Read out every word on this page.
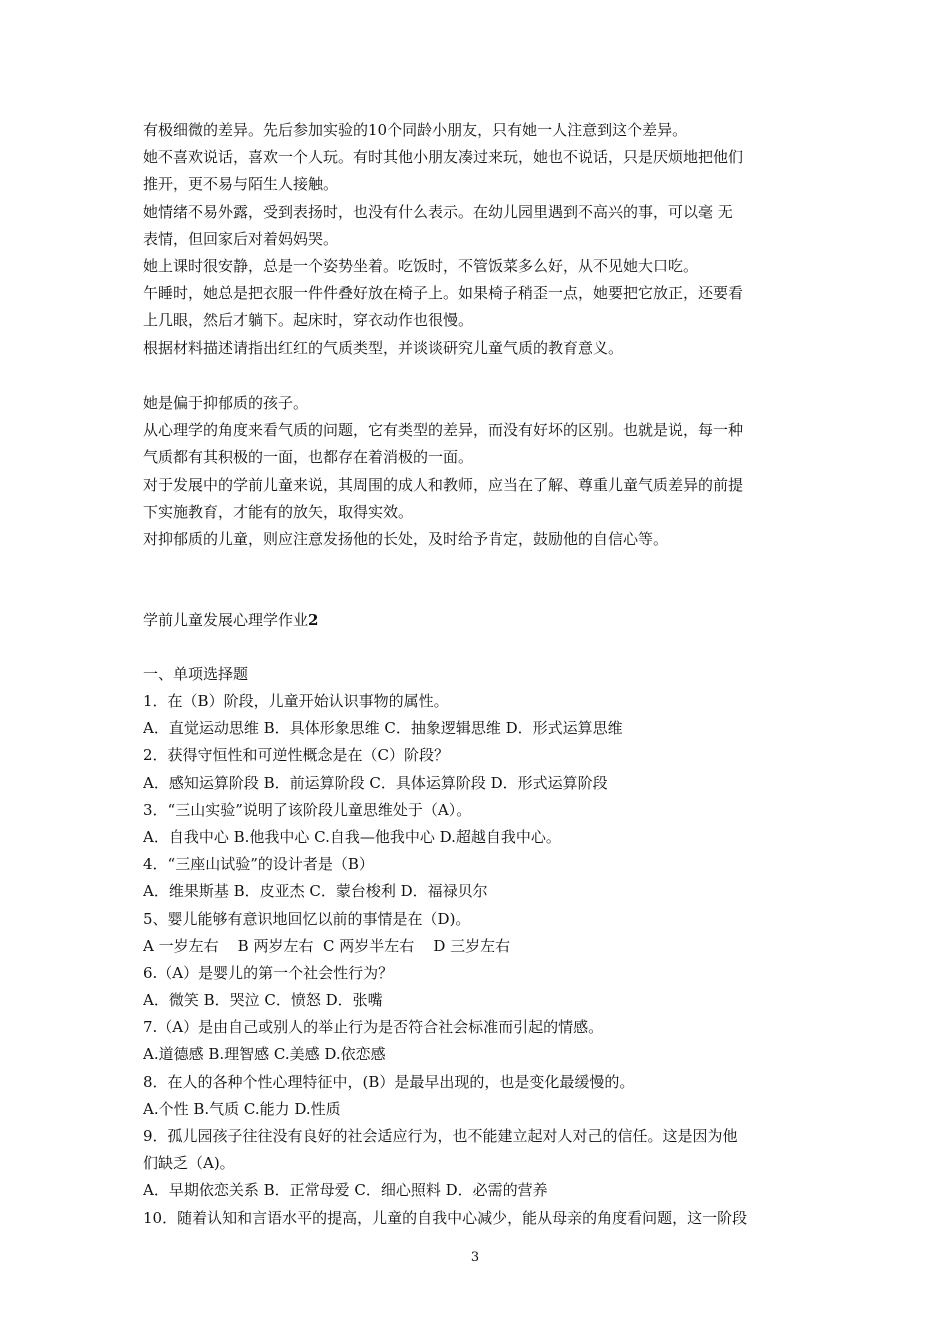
有极细微的差异。先后参加实验的10个同龄小朋友，只有她一人注意到这个差异。
她不喜欢说话，喜欢一个人玩。有时其他小朋友凑过来玩，她也不说话，只是厌烦地把他们
推开，更不易与陌生人接触。
她情绪不易外露，受到表扬时，也没有什么表示。在幼儿园里遇到不高兴的事，可以毫 无
表情，但回家后对着妈妈哭。
她上课时很安静，总是一个姿势坐着。吃饭时，不管饭菜多么好，从不见她大口吃。
午睡时，她总是把衣服一件件叠好放在椅子上。如果椅子稍歪一点，她要把它放正，还要看
上几眼，然后才躺下。起床时，穿衣动作也很慢。
根据材料描述请指出红红的气质类型，并谈谈研究儿童气质的教育意义。
她是偏于抑郁质的孩子。
从心理学的角度来看气质的问题，它有类型的差异，而没有好坏的区别。也就是说，每一种
气质都有其积极的一面，也都存在着消极的一面。
对于发展中的学前儿童来说，其周围的成人和教师，应当在了解、尊重儿童气质差异的前提
下实施教育，才能有的放矢，取得实效。
对抑郁质的儿童，则应注意发扬他的长处，及时给予肯定，鼓励他的自信心等。
学前儿童发展心理学作业2
一、单项选择题
1．在（B）阶段，儿童开始认识事物的属性。
A．直觉运动思维 B．具体形象思维 C．抽象逻辑思维 D．形式运算思维
2．获得守恒性和可逆性概念是在（C）阶段？
A．感知运算阶段 B．前运算阶段 C．具体运算阶段 D．形式运算阶段
3．“三山实验”说明了该阶段儿童思维处于（A）。
A．自我中心 B.他我中心 C.自我—他我中心 D.超越自我中心。
4．“三座山试验”的设计者是（B）
A．维果斯基 B．皮亚杰 C．蒙台梭利 D．福禄贝尔
5、婴儿能够有意识地回忆以前的事情是在（D)。
A 一岁左右    B 两岁左右  C 两岁半左右    D 三岁左右
6.（A）是婴儿的第一个社会性行为？
A．微笑 B．哭泣 C．愤怒 D．张嘴
7.（A）是由自己或别人的举止行为是否符合社会标准而引起的情感。
A.道德感 B.理智感 C.美感 D.依恋感
8．在人的各种个性心理特征中，(B）是最早出现的，也是变化最缓慢的。
A.个性 B.气质 C.能力 D.性质
9．孤儿园孩子往往没有良好的社会适应行为，也不能建立起对人对己的信任。这是因为他
们缺乏（A)。
A．早期依恋关系 B．正常母爱 C．细心照料 D．必需的营养
10．随着认知和言语水平的提高，儿童的自我中心减少，能从母亲的角度看问题，这一阶段
3
